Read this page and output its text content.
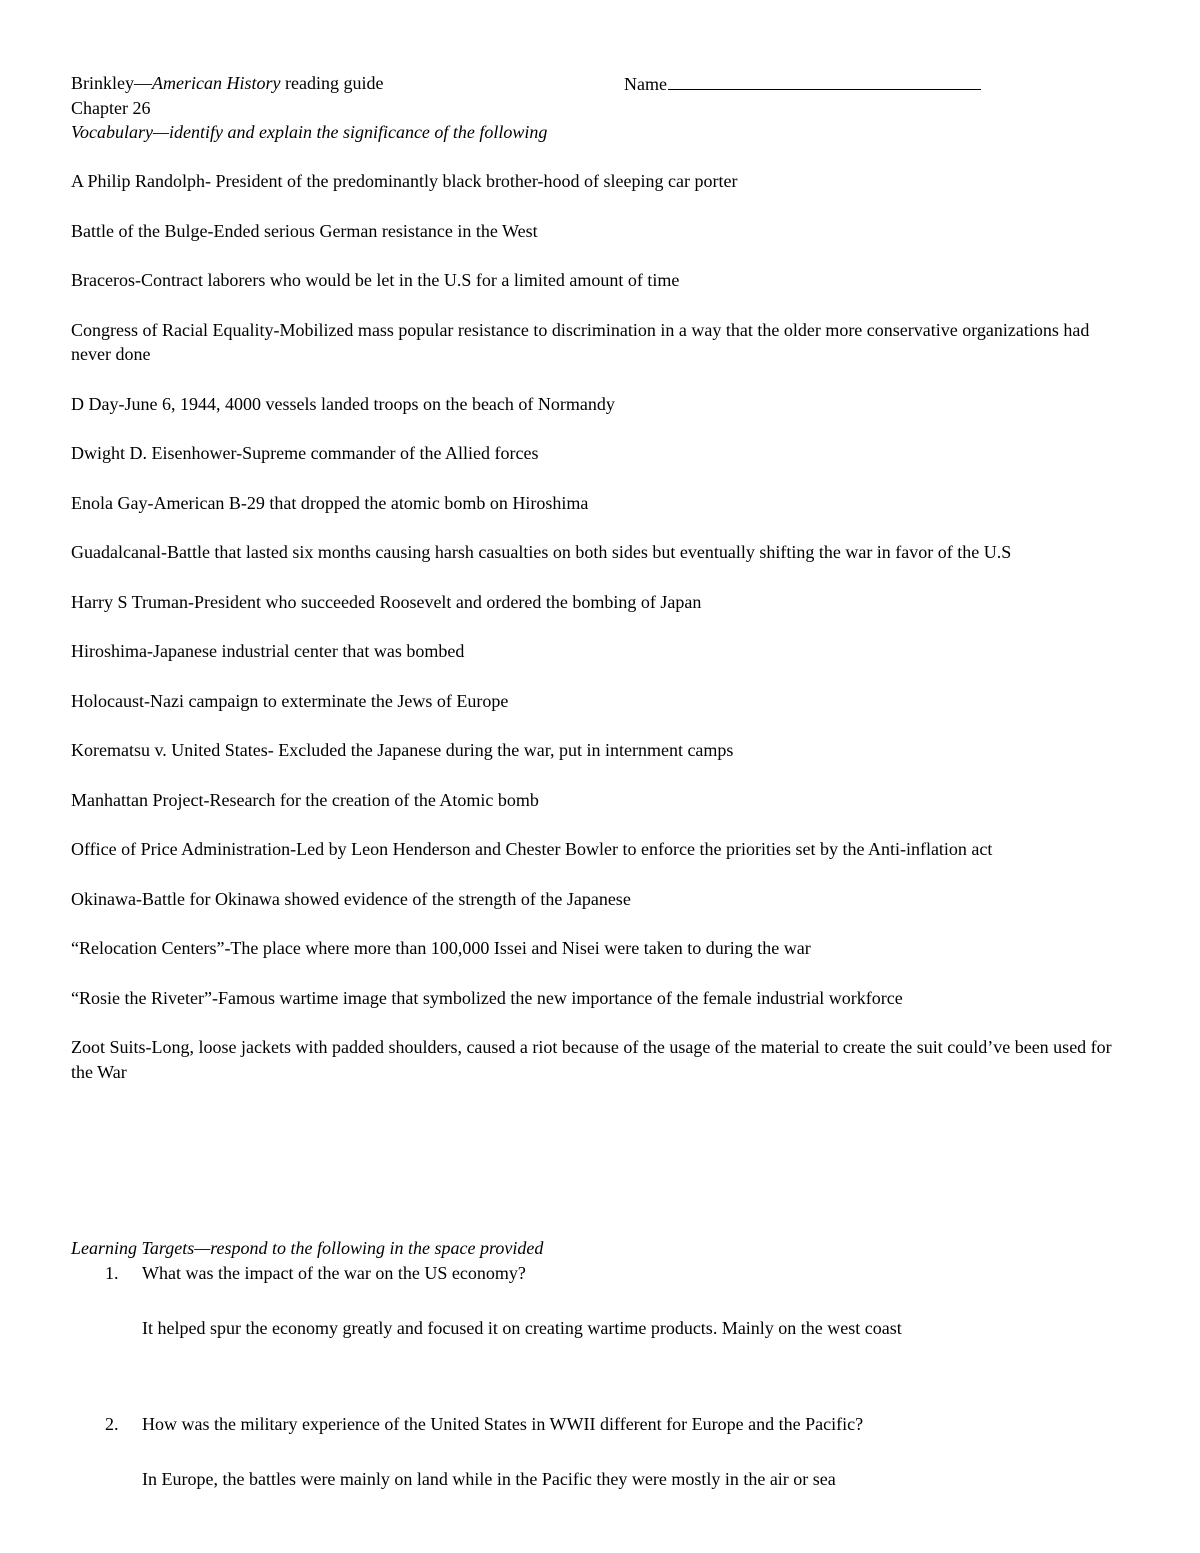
Brinkley—American History reading guide	Name
Chapter 26
Vocabulary—identify and explain the significance of the following
A Philip Randolph- President of the predominantly black brother-hood of sleeping car porter
Battle of the Bulge-Ended serious German resistance in the West
Braceros-Contract laborers who would be let in the U.S for a limited amount of time
Congress of Racial Equality-Mobilized mass popular resistance to discrimination in a way that the older more conservative organizations had never done
D Day-June 6, 1944, 4000 vessels landed troops on the beach of Normandy
Dwight D. Eisenhower-Supreme commander of the Allied forces
Enola Gay-American B-29 that dropped the atomic bomb on Hiroshima
Guadalcanal-Battle that lasted six months causing harsh casualties on both sides but eventually shifting the war in favor of the U.S
Harry S Truman-President who succeeded Roosevelt and ordered the bombing of Japan
Hiroshima-Japanese industrial center that was bombed
Holocaust-Nazi campaign to exterminate the Jews of Europe
Korematsu v. United States- Excluded the Japanese during the war, put in internment camps
Manhattan Project-Research for the creation of the Atomic bomb
Office of Price Administration-Led by Leon Henderson and Chester Bowler to enforce the priorities set by the Anti-inflation act
Okinawa-Battle for Okinawa showed evidence of the strength of the Japanese
“Relocation Centers”-The place where more than 100,000 Issei and Nisei were taken to during the war
“Rosie the Riveter”-Famous wartime image that symbolized the new importance of the female industrial workforce
Zoot Suits-Long, loose jackets with padded shoulders, caused a riot because of the usage of the material to create the suit could’ve been used for the War
Learning Targets—respond to the following in the space provided
1. What was the impact of the war on the US economy?
It helped spur the economy greatly and focused it on creating wartime products. Mainly on the west coast
2. How was the military experience of the United States in WWII different for Europe and the Pacific?
In Europe, the battles were mainly on land while in the Pacific they were mostly in the air or sea
